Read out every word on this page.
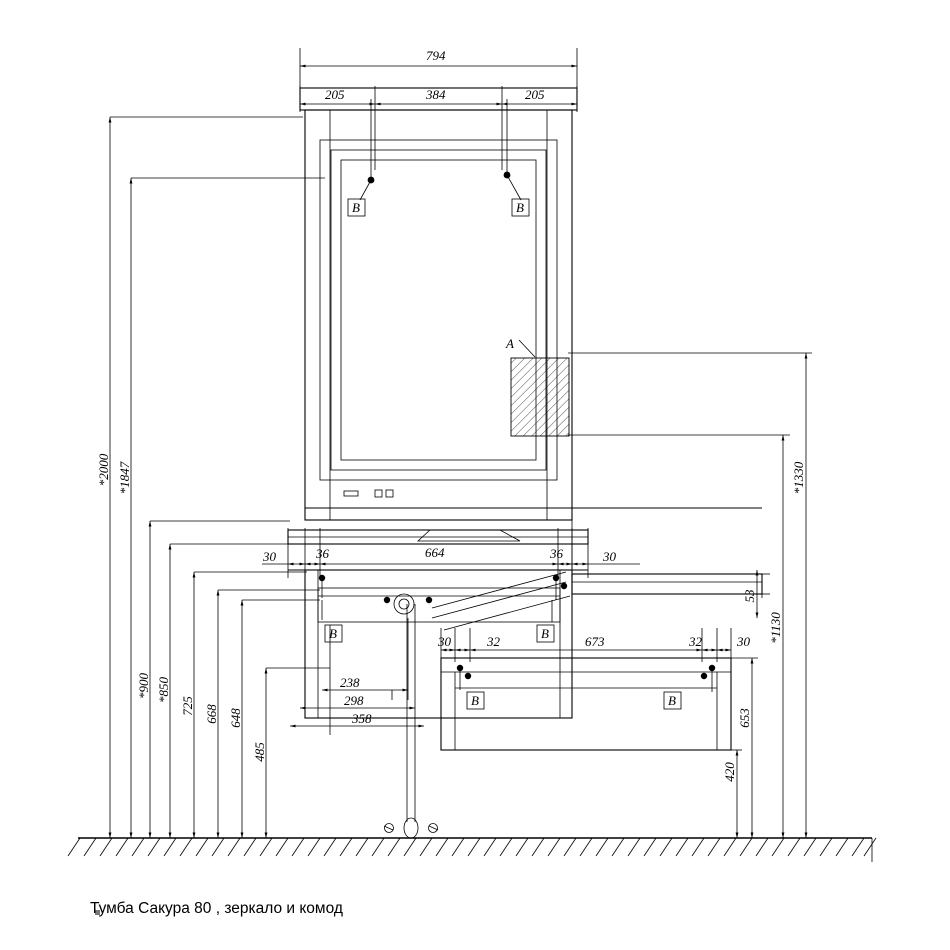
В	В
А
В	В
В	В
794
205	384	205
30	36	664	36	30
238
298
358
30	32	673	32	30
*2000 *1847
*900 *850
725 668 648
485
*1330
*1130
653
420
53
Тумба Сакура 80 , зеркало и комод
